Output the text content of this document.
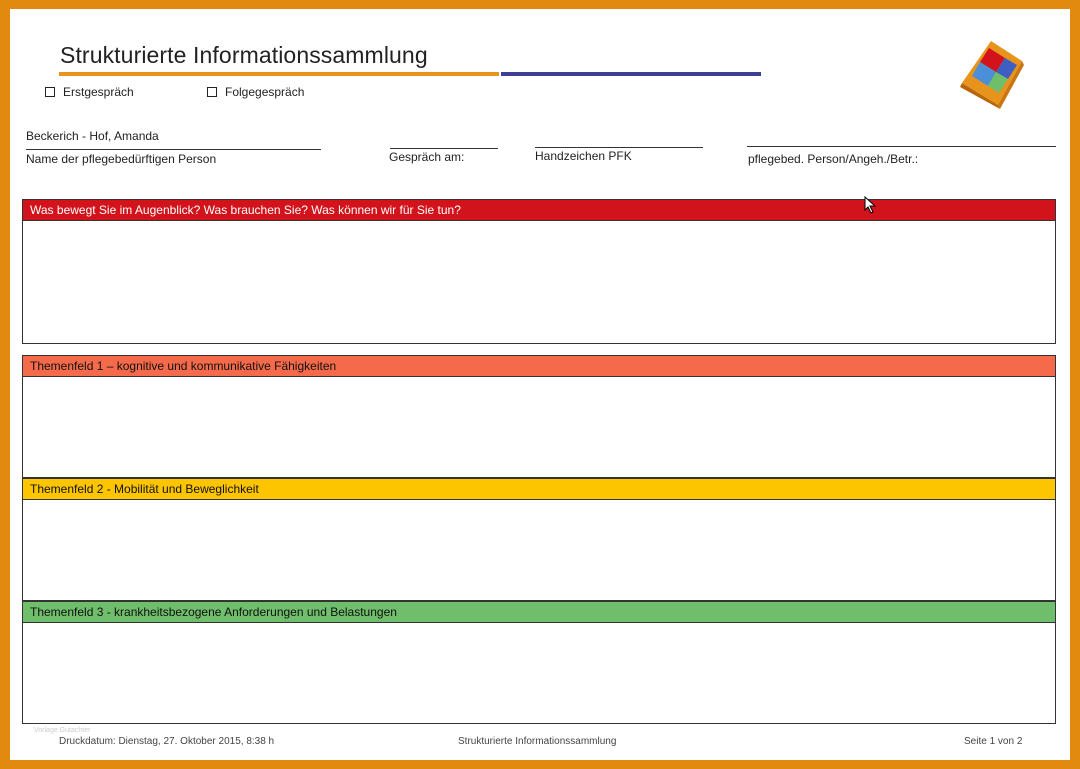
Strukturierte Informationssammlung
Erstgespräch	Folgegespräch
Beckerich - Hof, Amanda
Name der pflegebedürftigen Person	Gespräch am:	Handzeichen PFK	pflegebed. Person/Angeh./Betr.:
Was bewegt Sie im Augenblick? Was brauchen Sie? Was können wir für Sie tun?
Themenfeld 1 – kognitive und kommunikative Fähigkeiten
Themenfeld 2 - Mobilität und Beweglichkeit
Themenfeld 3 - krankheitsbezogene Anforderungen und Belastungen
Vorlage Gutachter
Druckdatum: Dienstag, 27. Oktober 2015, 8:38 h	Strukturierte Informationssammlung	Seite 1 von 2
